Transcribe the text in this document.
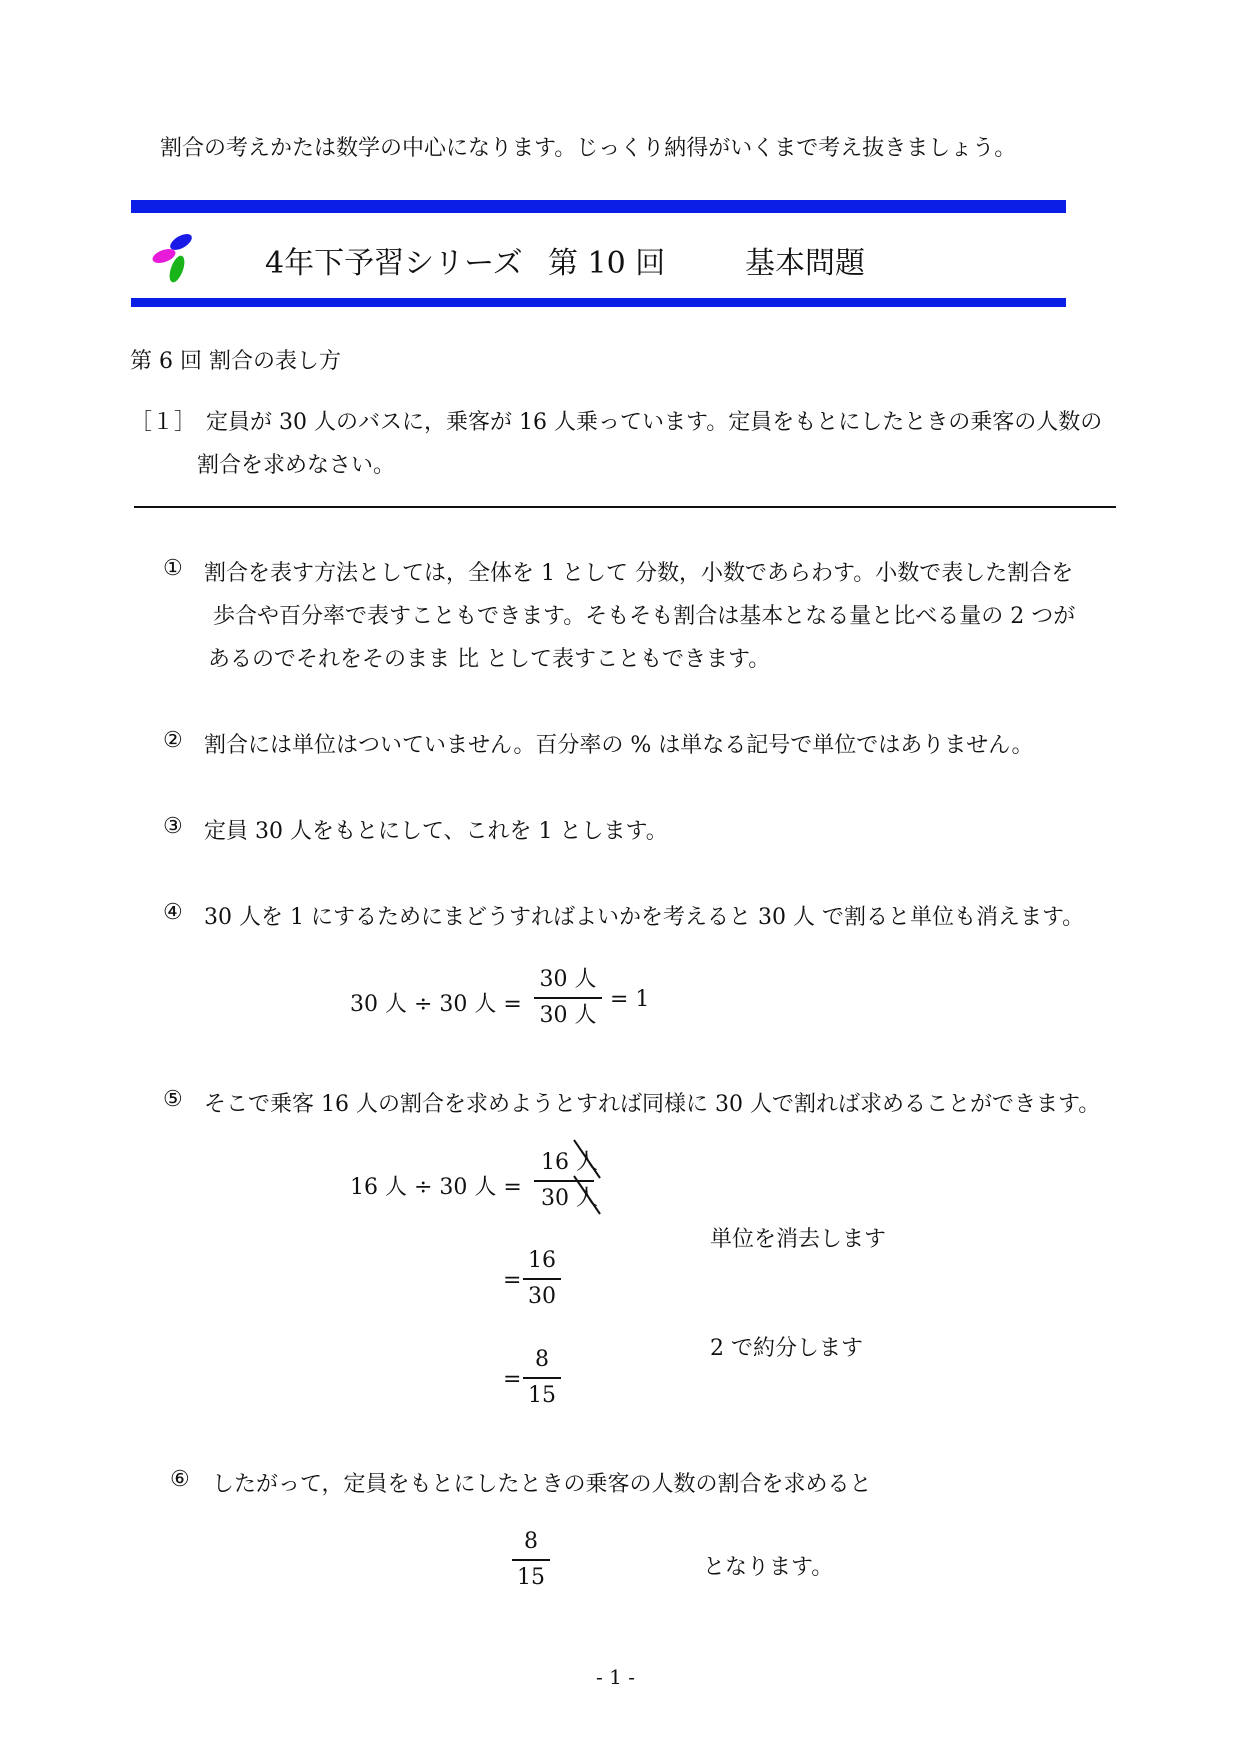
割合の考えかたは数学の中心になります。じっくり納得がいくまで考え抜きましょう。
4年下予習シリーズ 第 10 回	基本問題
第 6 回 割合の表し方
［１］ 定員が 30 人のバスに，乗客が 16 人乗っています。定員をもとにしたときの乗客の人数の
割合を求めなさい。
① 割合を表す方法としては，全体を 1 として 分数，小数であらわす。小数で表した割合を
歩合や百分率で表すこともできます。そもそも割合は基本となる量と比べる量の 2 つが
あるのでそれをそのまま 比 として表すこともできます。
② 割合には単位はついていません。百分率の % は単なる記号で単位ではありません。
③ 定員 30 人をもとにして、これを 1 とします。
④ 30 人を 1 にするためにまどうすればよいかを考えると 30 人 で割ると単位も消えます。
30 人 ÷ 30 人 =
30 人
30 人
= 1
⑤ そこで乗客 16 人の割合を求めようとすれば同様に 30 人で割れば求めることができます。
16 人 ÷ 30 人 =
16 人
30 人
単位を消去します
=
16
30
2 で約分します
=
8
15
⑥ したがって，定員をもとにしたときの乗客の人数の割合を求めると
8
15	となります。
- 1 -
